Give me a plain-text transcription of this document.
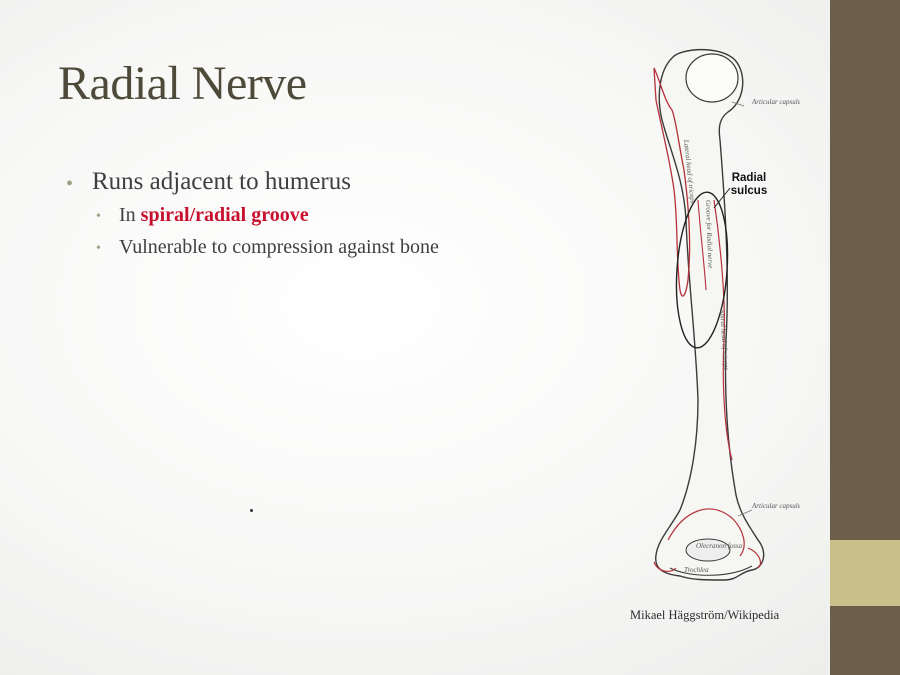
Radial Nerve
• Runs adjacent to humerus
• In spiral/radial groove
• Vulnerable to compression against bone	Groove for Radial nerve
Spiral head of triceps
Lateral head of triceps
Olecranon fossa
Trochlea
Articular capsule
Articular capsule
Radial
sulcus
Mikael Häggström/Wikipedia
